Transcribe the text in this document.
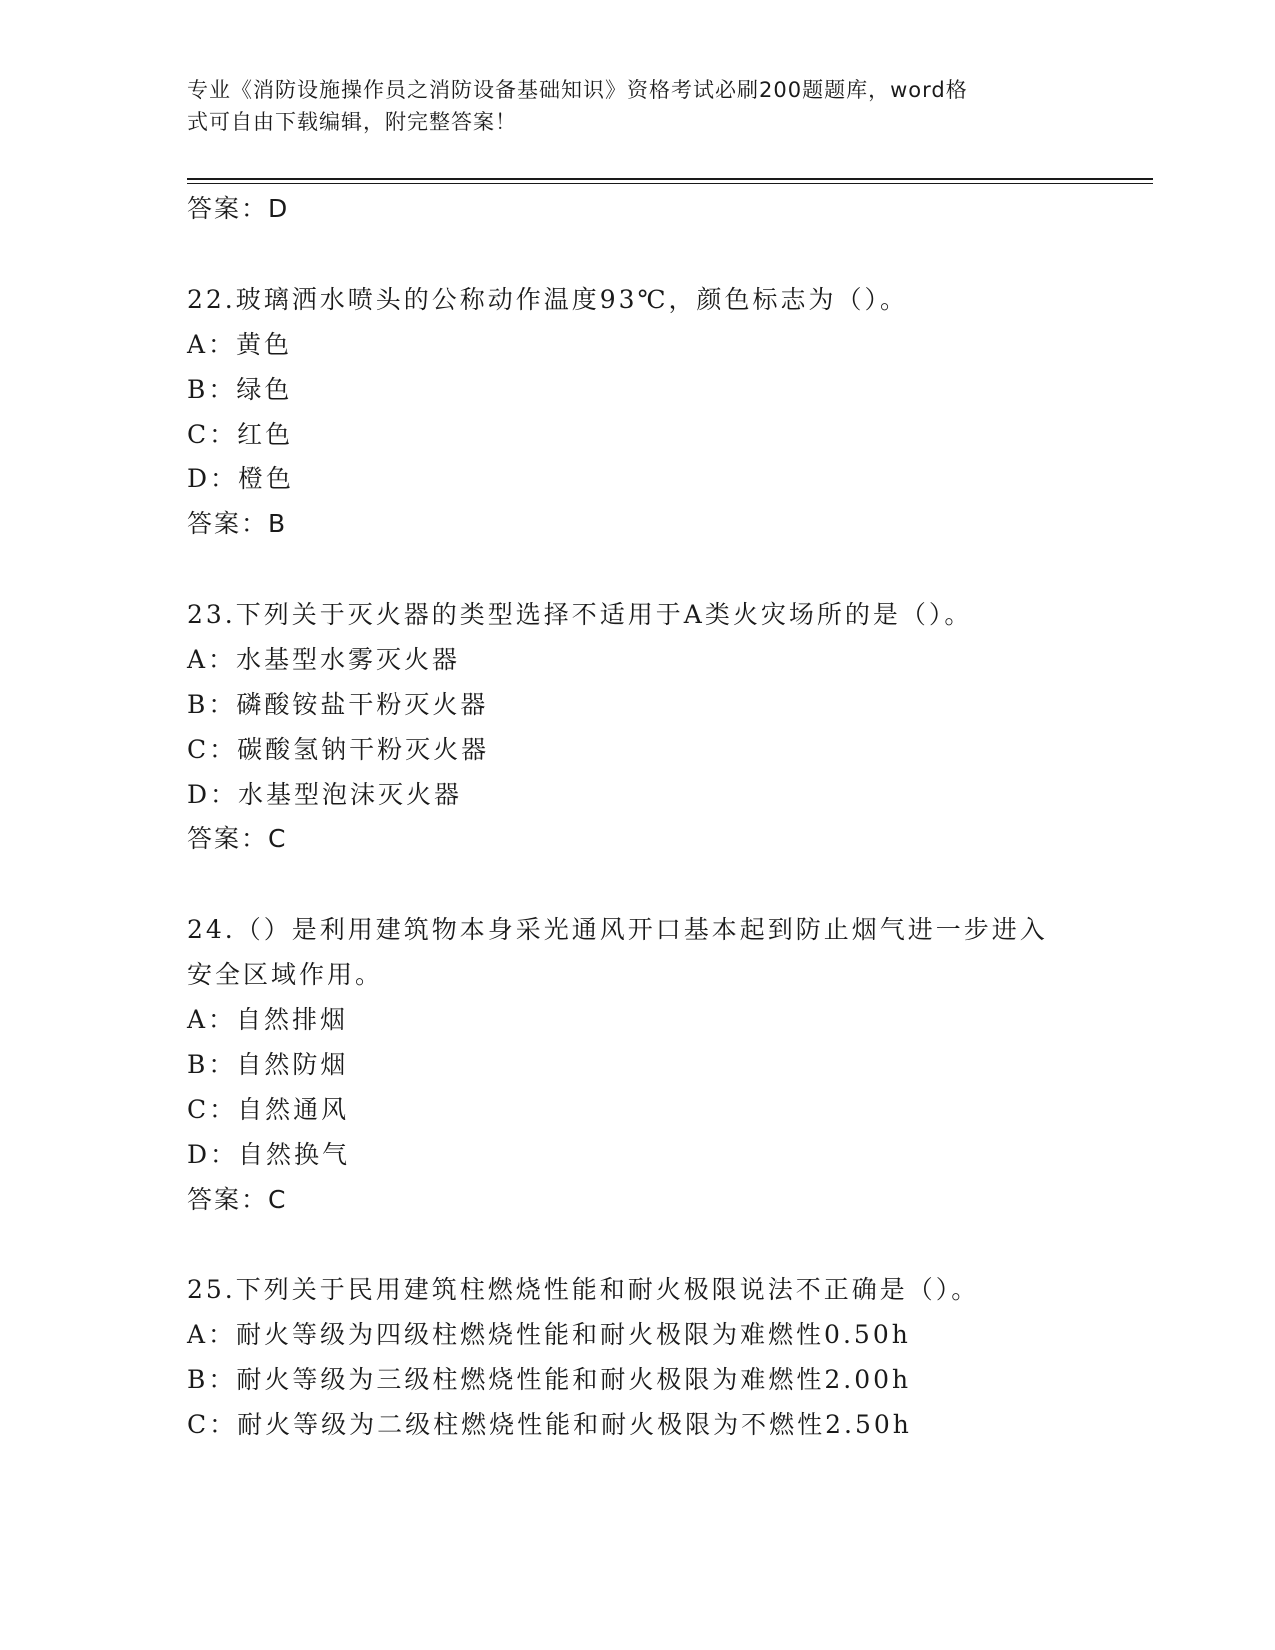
专业《消防设施操作员之消防设备基础知识》资格考试必刷200题题库，word格
式可自由下载编辑，附完整答案！
答案：D
22.玻璃洒水喷头的公称动作温度93℃，颜色标志为（）。
A：黄色
B：绿色
C：红色
D：橙色
答案：B
23.下列关于灭火器的类型选择不适用于A类火灾场所的是（）。
A：水基型水雾灭火器
B：磷酸铵盐干粉灭火器
C：碳酸氢钠干粉灭火器
D：水基型泡沫灭火器
答案：C
24.（）是利用建筑物本身采光通风开口基本起到防止烟气进一步进入
安全区域作用。
A：自然排烟
B：自然防烟
C：自然通风
D：自然换气
答案：C
25.下列关于民用建筑柱燃烧性能和耐火极限说法不正确是（）。
A：耐火等级为四级柱燃烧性能和耐火极限为难燃性0.50h
B：耐火等级为三级柱燃烧性能和耐火极限为难燃性2.00h
C：耐火等级为二级柱燃烧性能和耐火极限为不燃性2.50h
